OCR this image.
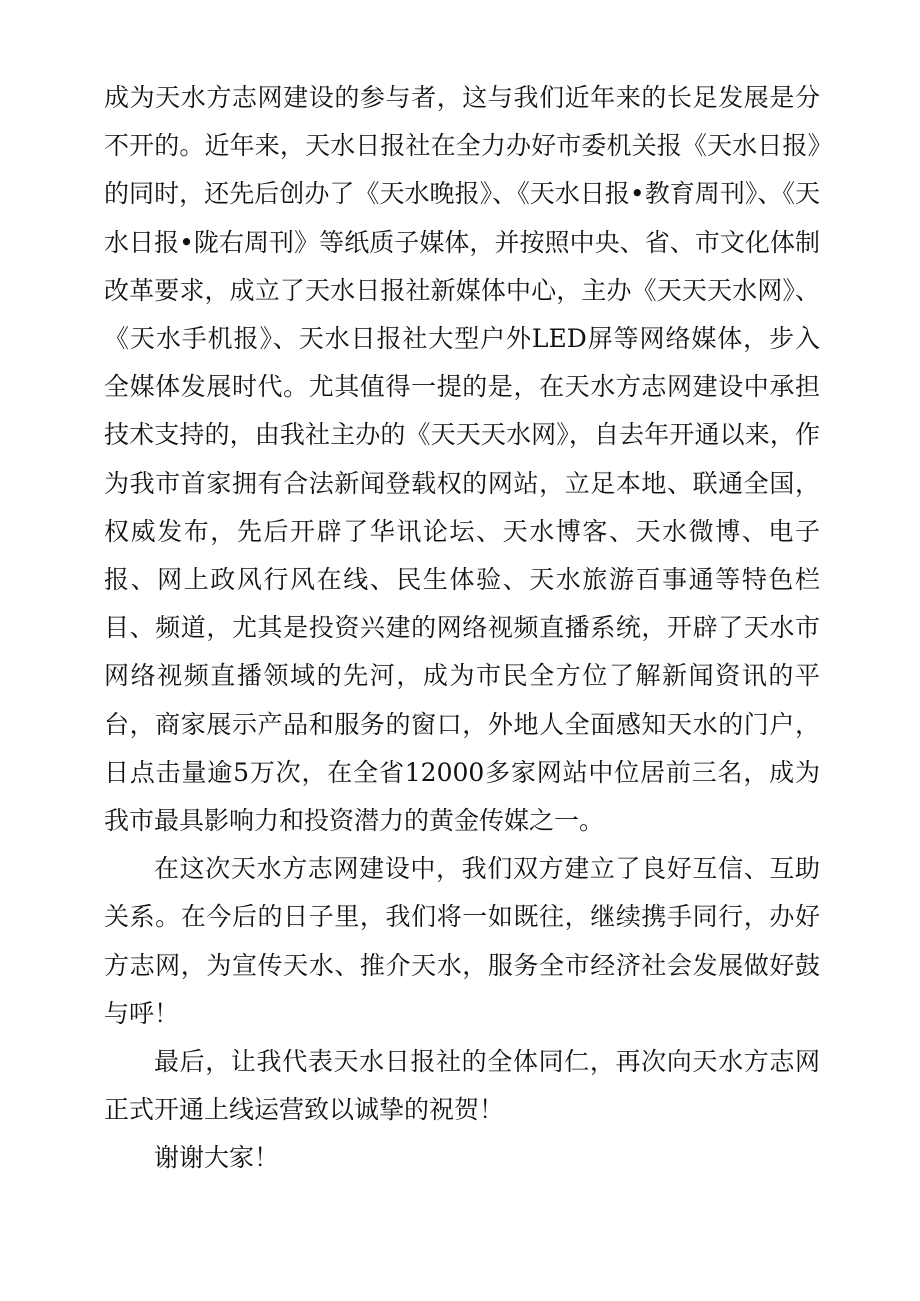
成为天水方志网建设的参与者，这与我们近年来的长足发展是分不开的。近年来，天水日报社在全力办好市委机关报《天水日报》的同时，还先后创办了《天水晚报》、《天水日报•教育周刊》、《天水日报•陇右周刊》等纸质子媒体，并按照中央、省、市文化体制改革要求，成立了天水日报社新媒体中心，主办《天天天水网》、《天水手机报》、天水日报社大型户外LED屏等网络媒体，步入全媒体发展时代。尤其值得一提的是，在天水方志网建设中承担技术支持的，由我社主办的《天天天水网》，自去年开通以来，作为我市首家拥有合法新闻登载权的网站，立足本地、联通全国，权威发布，先后开辟了华讯论坛、天水博客、天水微博、电子报、网上政风行风在线、民生体验、天水旅游百事通等特色栏目、频道，尤其是投资兴建的网络视频直播系统，开辟了天水市网络视频直播领域的先河，成为市民全方位了解新闻资讯的平台，商家展示产品和服务的窗口，外地人全面感知天水的门户，日点击量逾5万次，在全省12000多家网站中位居前三名，成为我市最具影响力和投资潜力的黄金传媒之一。

在这次天水方志网建设中，我们双方建立了良好互信、互助关系。在今后的日子里，我们将一如既往，继续携手同行，办好方志网，为宣传天水、推介天水，服务全市经济社会发展做好鼓与呼！

最后，让我代表天水日报社的全体同仁，再次向天水方志网正式开通上线运营致以诚挚的祝贺！

谢谢大家！
